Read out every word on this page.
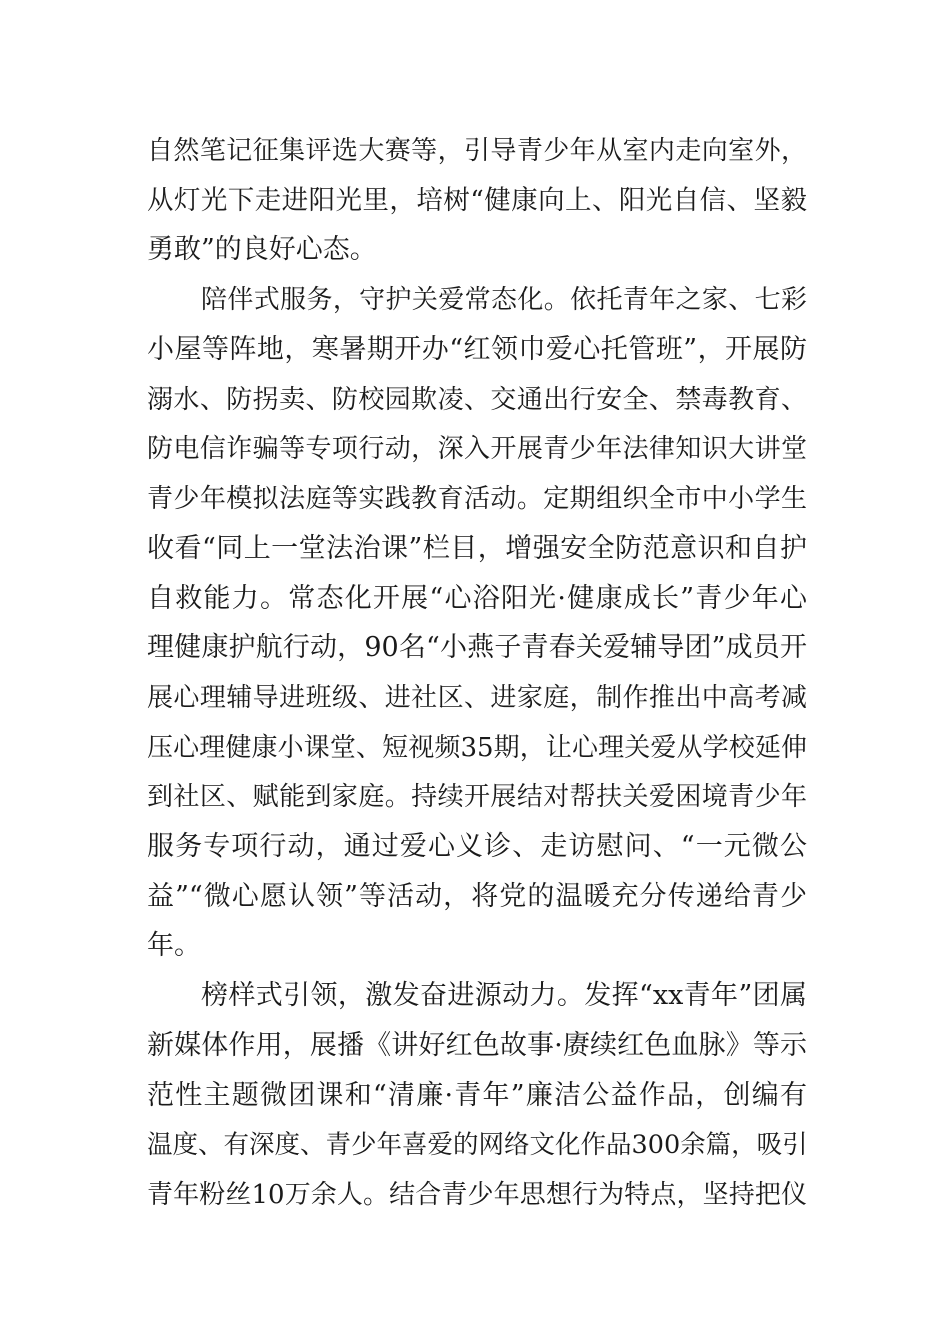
自然笔记征集评选大赛等，引导青少年从室内走向室外，
从灯光下走进阳光里，培树“健康向上、阳光自信、坚毅
勇敢”的良好心态。
陪伴式服务，守护关爱常态化。依托青年之家、七彩
小屋等阵地，寒暑期开办“红领巾爱心托管班”，开展防
溺水、防拐卖、防校园欺凌、交通出行安全、禁毒教育、
防电信诈骗等专项行动，深入开展青少年法律知识大讲堂
青少年模拟法庭等实践教育活动。定期组织全市中小学生
收看“同上一堂法治课”栏目，增强安全防范意识和自护
自救能力。常态化开展“心浴阳光·健康成长”青少年心
理健康护航行动，90名“小燕子青春关爱辅导团”成员开
展心理辅导进班级、进社区、进家庭，制作推出中高考减
压心理健康小课堂、短视频35期，让心理关爱从学校延伸
到社区、赋能到家庭。持续开展结对帮扶关爱困境青少年
服务专项行动，通过爱心义诊、走访慰问、“一元微公
益”“微心愿认领”等活动，将党的温暖充分传递给青少
年。
榜样式引领，激发奋进源动力。发挥“xx青年”团属
新媒体作用，展播《讲好红色故事·赓续红色血脉》等示
范性主题微团课和“清廉·青年”廉洁公益作品，创编有
温度、有深度、青少年喜爱的网络文化作品300余篇，吸引
青年粉丝10万余人。结合青少年思想行为特点，坚持把仪
